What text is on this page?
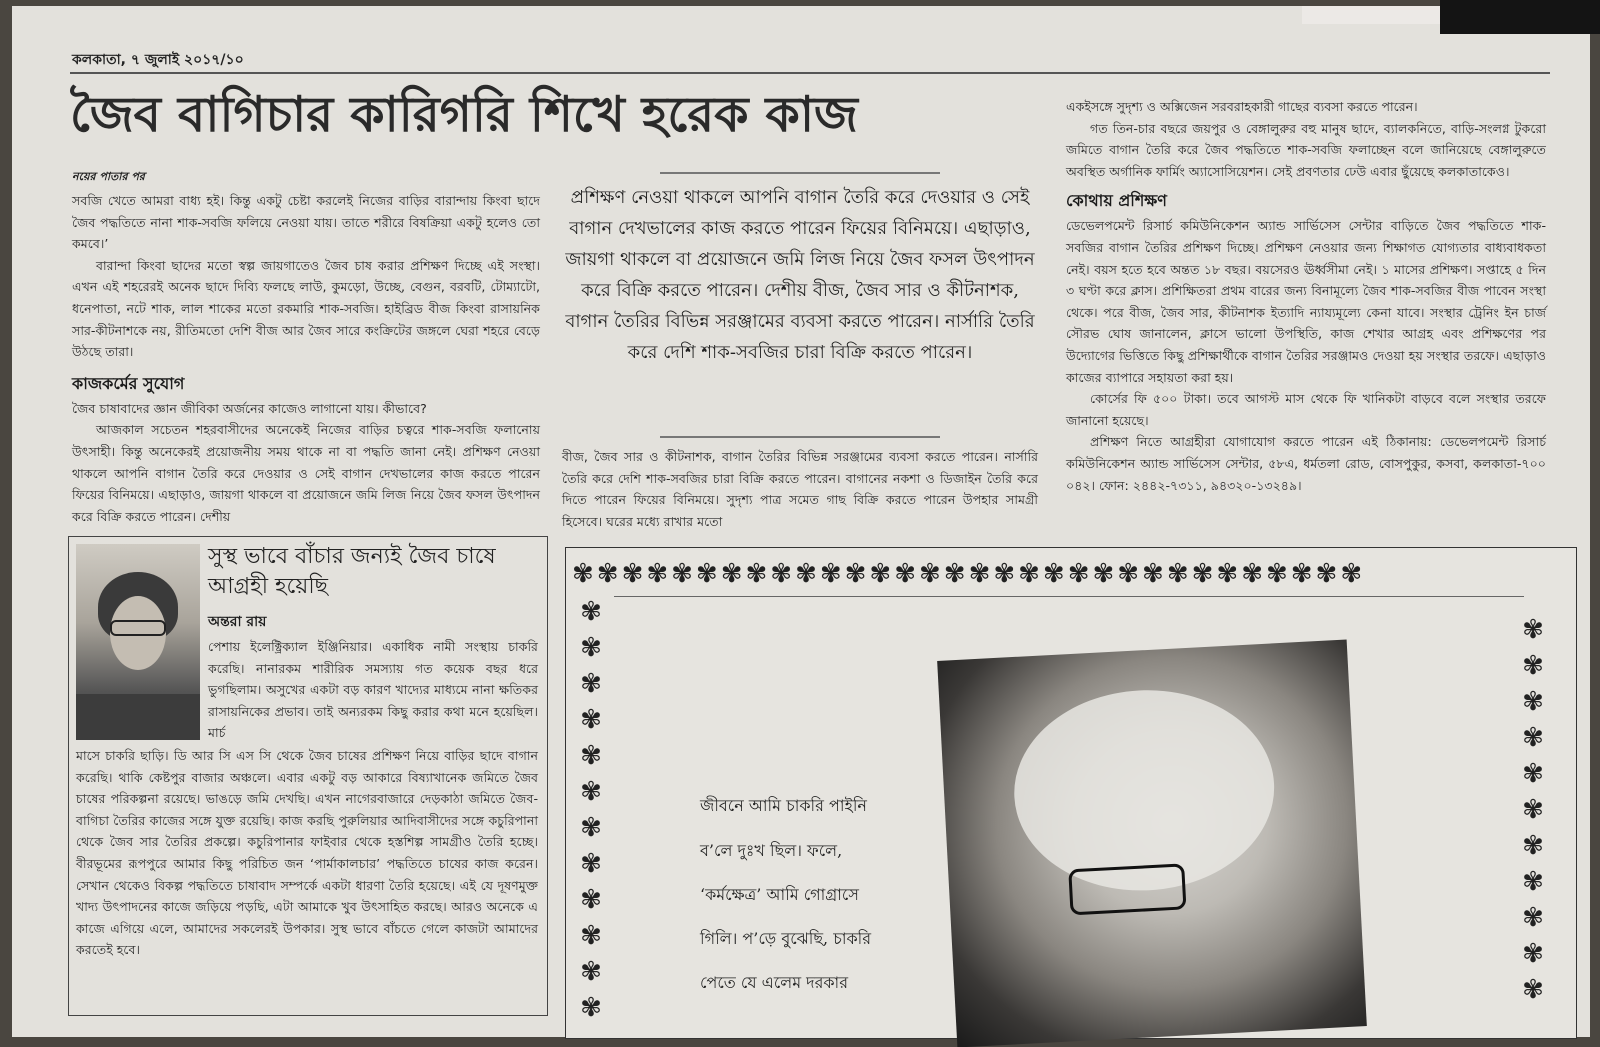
কলকাতা, ৭ জুলাই ২০১৭/১০
জৈব বাগিচার কারিগরি শিখে হরেক কাজ
নয়ের পাতার পর
সবজি খেতে আমরা বাধ্য হই। কিন্তু একটু চেষ্টা করলেই নিজের বাড়ির বারান্দায় কিংবা ছাদে জৈব পদ্ধতিতে নানা শাক-সবজি ফলিয়ে নেওয়া যায়। তাতে শরীরে বিষক্রিয়া একটু হলেও তো কমবে।’
বারান্দা কিংবা ছাদের মতো স্বল্প জায়গাতেও জৈব চাষ করার প্রশিক্ষণ দিচ্ছে এই সংস্থা। এখন এই শহরেরই অনেক ছাদে দিব্যি ফলছে লাউ, কুমড়ো, উচ্ছে, বেগুন, বরবটি, টোম্যাটো, ধনেপাতা, নটে শাক, লাল শাকের মতো রকমারি শাক-সবজি। হাইব্রিড বীজ কিংবা রাসায়নিক সার-কীটনাশকে নয়, রীতিমতো দেশি বীজ আর জৈব সারে কংক্রিটের জঙ্গলে ঘেরা শহরে বেড়ে উঠছে তারা।
কাজকর্মের সুযোগ
জৈব চাষাবাদের জ্ঞান জীবিকা অর্জনের কাজেও লাগানো যায়। কীভাবে?
আজকাল সচেতন শহরবাসীদের অনেকেই নিজের বাড়ির চত্বরে শাক-সবজি ফলানোয় উৎসাহী। কিন্তু অনেকেরই প্রয়োজনীয় সময় থাকে না বা পদ্ধতি জানা নেই। প্রশিক্ষণ নেওয়া থাকলে আপনি বাগান তৈরি করে দেওয়ার ও সেই বাগান দেখভালের কাজ করতে পারেন ফিয়ের বিনিময়ে। এছাড়াও, জায়গা থাকলে বা প্রয়োজনে জমি লিজ নিয়ে জৈব ফসল উৎপাদন করে বিক্রি করতে পারেন। দেশীয়
প্রশিক্ষণ নেওয়া থাকলে আপনি বাগান তৈরি করে দেওয়ার ও সেই বাগান দেখভালের কাজ করতে পারেন ফিয়ের বিনিময়ে। এছাড়াও, জায়গা থাকলে বা প্রয়োজনে জমি লিজ নিয়ে জৈব ফসল উৎপাদন করে বিক্রি করতে পারেন। দেশীয় বীজ, জৈব সার ও কীটনাশক, বাগান তৈরির বিভিন্ন সরঞ্জামের ব্যবসা করতে পারেন। নার্সারি তৈরি করে দেশি শাক-সবজির চারা বিক্রি করতে পারেন।
বীজ, জৈব সার ও কীটনাশক, বাগান তৈরির বিভিন্ন সরঞ্জামের ব্যবসা করতে পারেন। নার্সারি তৈরি করে দেশি শাক-সবজির চারা বিক্রি করতে পারেন। বাগানের নকশা ও ডিজাইন তৈরি করে দিতে পারেন ফিয়ের বিনিময়ে। সুদৃশ্য পাত্র সমেত গাছ বিক্রি করতে পারেন উপহার সামগ্রী হিসেবে। ঘরের মধ্যে রাখার মতো
একইসঙ্গে সুদৃশ্য ও অক্সিজেন সরবরাহকারী গাছের ব্যবসা করতে পারেন।
গত তিন-চার বছরে জয়পুর ও বেঙ্গালুরুর বহু মানুষ ছাদে, ব্যালকনিতে, বাড়ি-সংলগ্ন টুকরো জমিতে বাগান তৈরি করে জৈব পদ্ধতিতে শাক-সবজি ফলাচ্ছেন বলে জানিয়েছে বেঙ্গালুরুতে অবস্থিত অর্গানিক ফার্মিং অ্যাসোসিয়েশন। সেই প্রবণতার ঢেউ এবার ছুঁয়েছে কলকাতাকেও।
কোথায় প্রশিক্ষণ
ডেভেলপমেন্ট রিসার্চ কমিউনিকেশন অ্যান্ড সার্ভিসেস সেন্টার বাড়িতে জৈব পদ্ধতিতে শাক-সবজির বাগান তৈরির প্রশিক্ষণ দিচ্ছে। প্রশিক্ষণ নেওয়ার জন্য শিক্ষাগত যোগ্যতার বাধ্যবাধকতা নেই। বয়স হতে হবে অন্তত ১৮ বছর। বয়সেরও ঊর্ধ্বসীমা নেই। ১ মাসের প্রশিক্ষণ। সপ্তাহে ৫ দিন ৩ ঘণ্টা করে ক্লাস। প্রশিক্ষিতরা প্রথম বারের জন্য বিনামূল্যে জৈব শাক-সবজির বীজ পাবেন সংস্থা থেকে। পরে বীজ, জৈব সার, কীটনাশক ইত্যাদি ন্যায্যমূল্যে কেনা যাবে। সংস্থার ট্রেনিং ইন চার্জ সৌরভ ঘোষ জানালেন, ক্লাসে ভালো উপস্থিতি, কাজ শেখার আগ্রহ এবং প্রশিক্ষণের পর উদ্যোগের ভিত্তিতে কিছু প্রশিক্ষার্থীকে বাগান তৈরির সরঞ্জামও দেওয়া হয় সংস্থার তরফে। এছাড়াও কাজের ব্যাপারে সহায়তা করা হয়।
কোর্সের ফি ৫০০ টাকা। তবে আগস্ট মাস থেকে ফি খানিকটা বাড়বে বলে সংস্থার তরফে জানানো হয়েছে।
প্রশিক্ষণ নিতে আগ্রহীরা যোগাযোগ করতে পারেন এই ঠিকানায়: ডেভেলপমেন্ট রিসার্চ কমিউনিকেশন অ্যান্ড সার্ভিসেস সেন্টার, ৫৮এ, ধর্মতলা রোড, বোসপুকুর, কসবা, কলকাতা-৭০০ ০৪২। ফোন: ২৪৪২-৭৩১১, ৯৪৩২০-১৩২৪৯।
সুস্থ ভাবে বাঁচার জন্যই জৈব চাষে আগ্রহী হয়েছি
অন্তরা রায়
পেশায় ইলেক্ট্রিক্যাল ইঞ্জিনিয়ার। একাধিক নামী সংস্থায় চাকরি করেছি। নানারকম শারীরিক সমস্যায় গত কয়েক বছর ধরে ভুগছিলাম। অসুখের একটা বড় কারণ খাদ্যের মাধ্যমে নানা ক্ষতিকর রাসায়নিকের প্রভাব। তাই অন্যরকম কিছু করার কথা মনে হয়েছিল। মার্চ
মাসে চাকরি ছাড়ি। ডি আর সি এস সি থেকে জৈব চাষের প্রশিক্ষণ নিয়ে বাড়ির ছাদে বাগান করেছি। থাকি কেষ্টপুর বাজার অঞ্চলে। এবার একটু বড় আকারে বিষ্যাখানেক জমিতে জৈব চাষের পরিকল্পনা রয়েছে। ভাঙড়ে জমি দেখছি। এখন নাগেরবাজারে দেড়কাঠা জমিতে জৈব-বাগিচা তৈরির কাজের সঙ্গে যুক্ত রয়েছি। কাজ করছি পুরুলিয়ার আদিবাসীদের সঙ্গে কচুরিপানা থেকে জৈব সার তৈরির প্রকল্পে। কচুরিপানার ফাইবার থেকে হস্তশিল্প সামগ্রীও তৈরি হচ্ছে। বীরভূমের রূপপুরে আমার কিছু পরিচিত জন ‘পার্মাকালচার’ পদ্ধতিতে চাষের কাজ করেন। সেখান থেকেও বিকল্প পদ্ধতিতে চাষাবাদ সম্পর্কে একটা ধারণা তৈরি হয়েছে। এই যে দূষণমুক্ত খাদ্য উৎপাদনের কাজে জড়িয়ে পড়ছি, এটা আমাকে খুব উৎসাহিত করছে। আরও অনেকে এ কাজে এগিয়ে এলে, আমাদের সকলেরই উপকার। সুস্থ ভাবে বাঁচতে গেলে কাজটা আমাদের করতেই হবে।
✾✾✾✾✾✾✾✾✾✾✾✾✾✾✾✾✾✾✾✾✾✾✾✾✾✾✾✾✾✾✾✾
✾
✾
✾
✾
✾
✾
✾
✾
✾
✾
✾
✾
✾
✾
✾
✾
✾
✾
✾
✾
✾
✾
✾
জীবনে আমি চাকরি পাইনি
ব’লে দুঃখ ছিল। ফলে,
‘কর্মক্ষেত্র’ আমি গোগ্রাসে
গিলি। প’ড়ে বুঝেছি, চাকরি
পেতে যে এলেম দরকার
